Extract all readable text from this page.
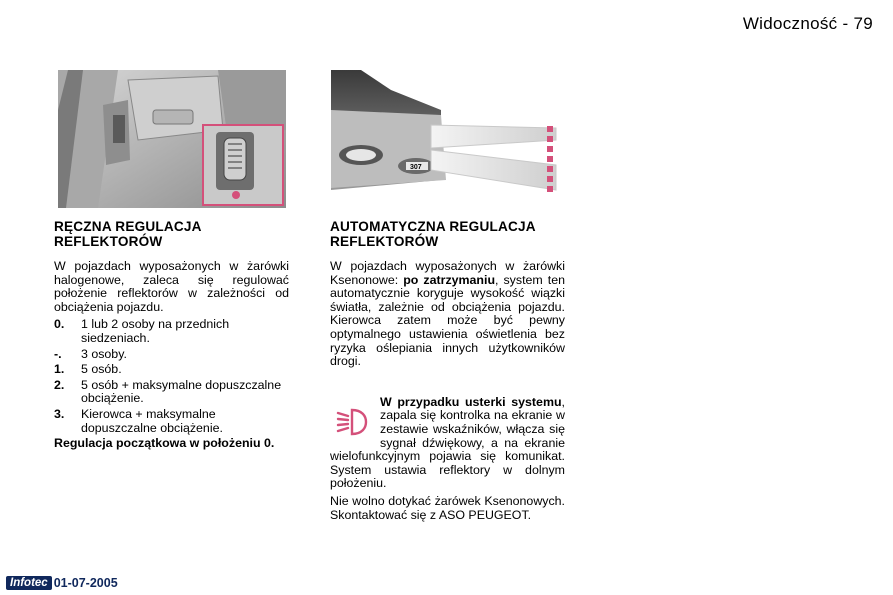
Widoczność - 79
307
RĘCZNA REGULACJA REFLEKTORÓW

W pojazdach wyposażonych w żarówki halogenowe, zaleca się regulować położenie reflektorów w zależności od obciążenia pojazdu.

0.	1 lub 2 osoby na przednich siedzeniach.
-.	3 osoby.
1.	5 osób.
2.	5 osób + maksymalne dopuszczalne obciążenie.
3.	Kierowca + maksymalne dopuszczalne obciążenie.

Regulacja początkowa w położeniu 0.

AUTOMATYCZNA REGULACJA REFLEKTORÓW

W pojazdach wyposażonych w żarówki Ksenonowe: po zatrzymaniu, system ten automatycznie koryguje wysokość wiązki światła, zależnie od obciążenia pojazdu. Kierowca zatem może być pewny optymalnego ustawienia oświetlenia bez ryzyka oślepiania innych użytkowników drogi.

W przypadku usterki systemu, zapala się kontrolka na ekranie w zestawie wskaźników, włącza się sygnał dźwiękowy, a na ekranie wielofunkcyjnym pojawia się komunikat. System ustawia reflektory w dolnym położeniu.

Nie wolno dotykać żarówek Ksenonowych. Skontaktować się z ASO PEUGEOT.

Infotec 01-07-2005
